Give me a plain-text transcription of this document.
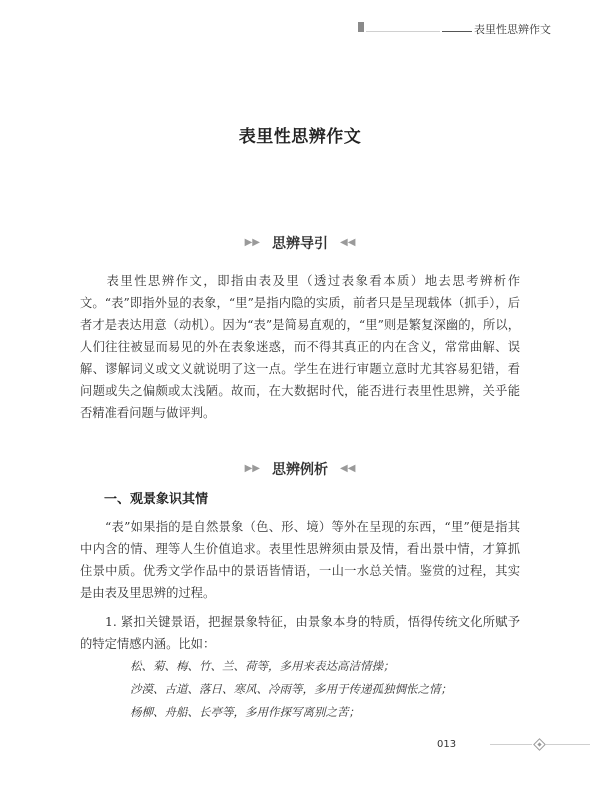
表里性思辨作文
表里性思辨作文
▶▶ 思辨导引	◀◀

表里性思辨作文，即指由表及里（透过表象看本质）地去思考辨析作文。“表”即指外显的表象，“里”是指内隐的实质，前者只是呈现载体（抓手），后者才是表达用意（动机）。因为“表”是简易直观的，“里”则是繁复深幽的，所以，人们往往被显而易见的外在表象迷惑，而不得其真正的内在含义，常常曲解、误解、谬解词义或文义就说明了这一点。学生在进行审题立意时尤其容易犯错，看问题或失之偏颇或太浅陋。故而，在大数据时代，能否进行表里性思辨，关乎能否精准看问题与做评判。

▶▶ 思辨例析	◀◀
一、观景象识其情

“表”如果指的是自然景象（色、形、境）等外在呈现的东西，“里”便是指其中内含的情、理等人生价值追求。表里性思辨须由景及情，看出景中情，才算抓住景中质。优秀文学作品中的景语皆情语，一山一水总关情。鉴赏的过程，其实是由表及里思辨的过程。

1. 紧扣关键景语，把握景象特征，由景象本身的特质，悟得传统文化所赋予的特定情感内涵。比如：

松、菊、梅、竹、兰、荷等，多用来表达高洁情操；
沙漠、古道、落日、寒风、冷雨等，多用于传递孤独惆怅之情；
杨柳、舟船、长亭等，多用作探写离别之苦；
013
